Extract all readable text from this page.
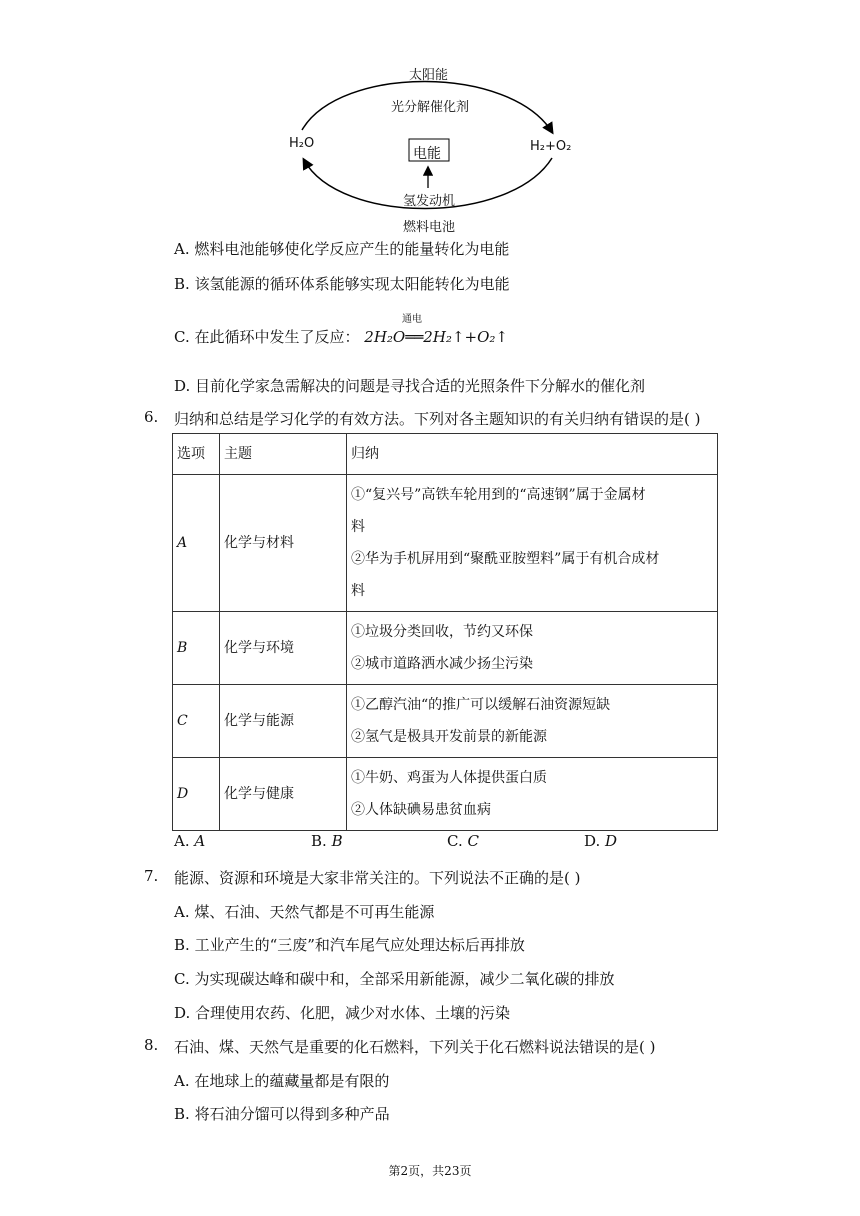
太阳能
光分解催化剂
H₂O	H₂+O₂
电能
氢发动机
燃料电池
A. 燃料电池能够使化学反应产生的能量转化为电能
B. 该氢能源的循环体系能够实现太阳能转化为电能
通电
C. 在此循环中发生了反应： 2H₂O══2H₂↑+O₂↑
D. 目前化学家急需解决的问题是寻找合适的光照条件下分解水的催化剂
6. 归纳和总结是学习化学的有效方法。下列对各主题知识的有关归纳有错误的是( )
选项	主题	归纳
A	化学与材料	①“复兴号”高铁车轮用到的“高速钢”属于金属材
料
②华为手机屏用到“聚酰亚胺塑料”属于有机合成材
料

B	化学与环境	①垃圾分类回收，节约又环保
②城市道路洒水减少扬尘污染

C	化学与能源	①乙醇汽油“的推广可以缓解石油资源短缺
②氢气是极具开发前景的新能源

D	化学与健康	①牛奶、鸡蛋为人体提供蛋白质
②人体缺碘易患贫血病
A. A	B. B	C. C	D. D
7. 能源、资源和环境是大家非常关注的。下列说法不正确的是( )
A. 煤、石油、天然气都是不可再生能源
B. 工业产生的“三废”和汽车尾气应处理达标后再排放
C. 为实现碳达峰和碳中和，全部采用新能源，减少二氧化碳的排放
D. 合理使用农药、化肥，减少对水体、土壤的污染
8. 石油、煤、天然气是重要的化石燃料，下列关于化石燃料说法错误的是( )
A. 在地球上的蕴藏量都是有限的
B. 将石油分馏可以得到多种产品
第2页，共23页
